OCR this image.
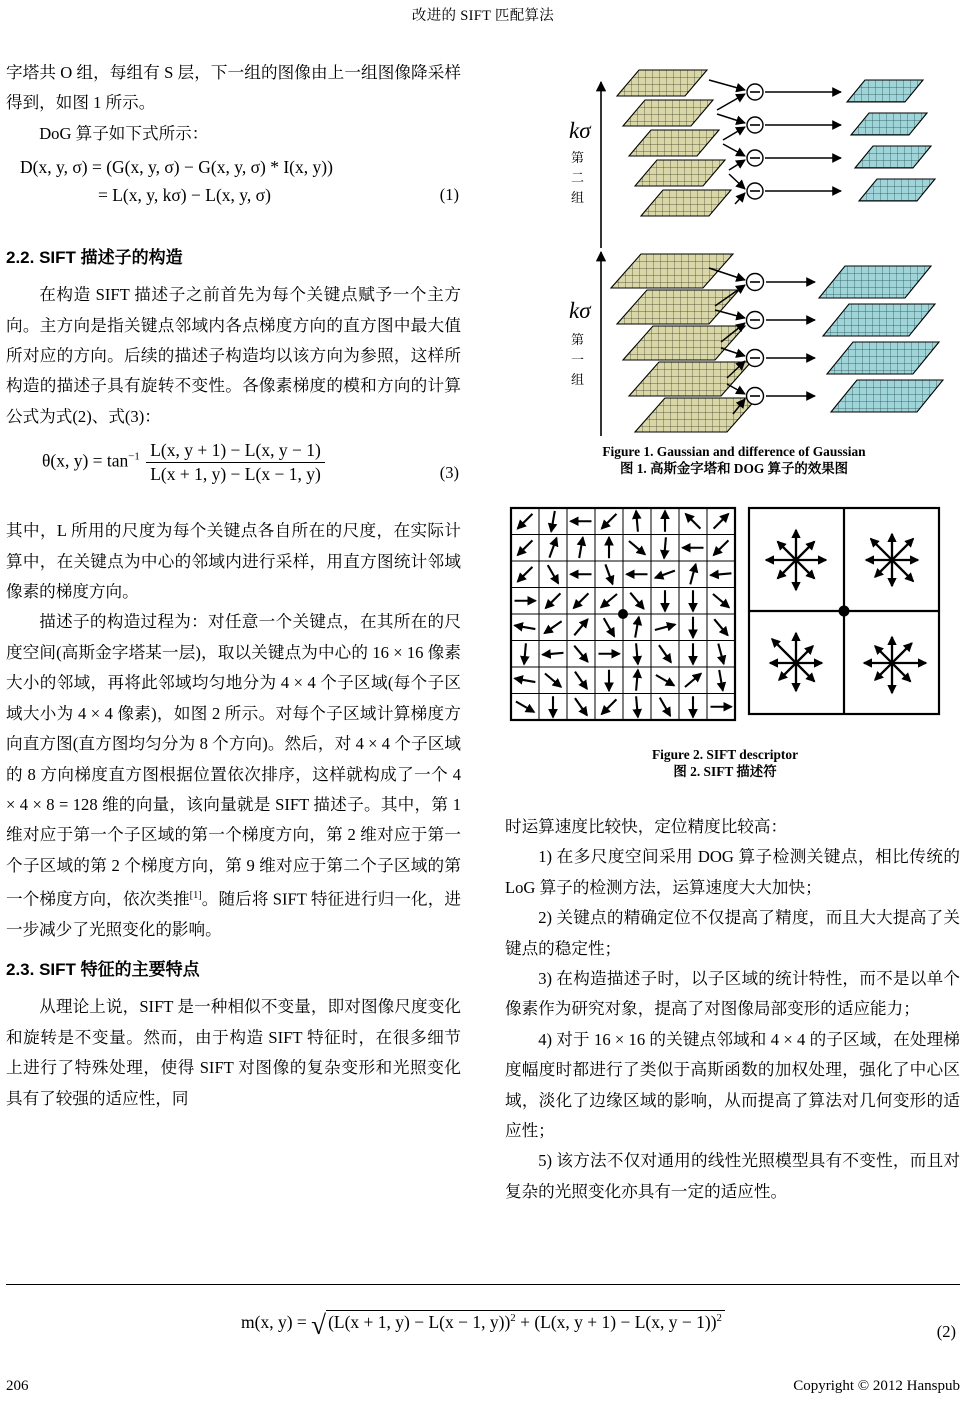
改进的 SIFT 匹配算法

字塔共 O 组，每组有 S 层，下一组的图像由上一组图像降采样得到，如图 1 所示。

DoG 算子如下式所示：

D(x, y, σ) = (G(x, y, σ) − G(x, y, σ) * I(x, y))
= L(x, y, kσ) − L(x, y, σ)	(1)
2.2. SIFT 描述子的构造

在构造 SIFT 描述子之前首先为每个关键点赋予一个主方向。主方向是指关键点邻域内各点梯度方向的直方图中最大值所对应的方向。后续的描述子构造均以该方向为参照，这样所构造的描述子具有旋转不变性。各像素梯度的模和方向的计算公式为式(2)、式(3)：

θ(x, $y) = \tan^{-1} \frac{L(x, y + 1) - L(x, y - 1)}{L(x + 1, y) - L(x - 1, y)}$	(3)

其中，L 所用的尺度为每个关键点各自所在的尺度，在实际计算中，在关键点为中心的邻域内进行采样，用直方图统计邻域像素的梯度方向。

描述子的构造过程为：对任意一个关键点，在其所在的尺度空间(高斯金字塔某一层)，取以关键点为中心的 16 × 16 像素大小的邻域，再将此邻域均匀地分为 4 × 4 个子区域(每个子区域大小为 4 × 4 像素)，如图 2 所示。对每个子区域计算梯度方向直方图(直方图均匀分为 8 个方向)。然后，对 4 × 4 个子区域的 8 方向梯度直方图根据位置依次排序，这样就构成了一个 4 × 4 × 8 = 128 维的向量，该向量就是 SIFT 描述子。其中，第 1 维对应于第一个子区域的第一个梯度方向，第 2 维对应于第一个子区域的第 2 个梯度方向，第 9 维对应于第二个子区域的第一个梯度方向，依次类推[1]。随后将 SIFT 特征进行归一化，进一步减少了光照变化的影响。

2.3. SIFT 特征的主要特点

从理论上说，SIFT 是一种相似不变量，即对图像尺度变化和旋转是不变量。然而，由于构造 SIFT 特征时，在很多细节上进行了特殊处理，使得 SIFT 对图像的复杂变形和光照变化具有了较强的适应性，同

kσ
第
二
组
kσ
第
一
组
Figure 1. Gaussian and difference of Gaussian
图 1. 高斯金字塔和 DOG 算子的效果图
Figure 2. SIFT descriptor
图 2. SIFT 描述符

时运算速度比较快，定位精度比较高：

1) 在多尺度空间采用 DOG 算子检测关键点，相比传统的 LoG 算子的检测方法，运算速度大大加快；

2) 关键点的精确定位不仅提高了精度，而且大大提高了关键点的稳定性；

3) 在构造描述子时，以子区域的统计特性，而不是以单个像素作为研究对象，提高了对图像局部变形的适应能力；

4) 对于 16 × 16 的关键点邻域和 4 × 4 的子区域，在处理梯度幅度时都进行了类似于高斯函数的加权处理，强化了中心区域，淡化了边缘区域的影响，从而提高了算法对几何变形的适应性；

5) 该方法不仅对通用的线性光照模型具有不变性，而且对复杂的光照变化亦具有一定的适应性。

m(x, y) = √ (L(x + 1, y) − L(x − 1, y))$^2$ + (L(x, y + 1) − L(x, y − 1))$^2$
(2)
206	Copyright © 2012 Hanspub
